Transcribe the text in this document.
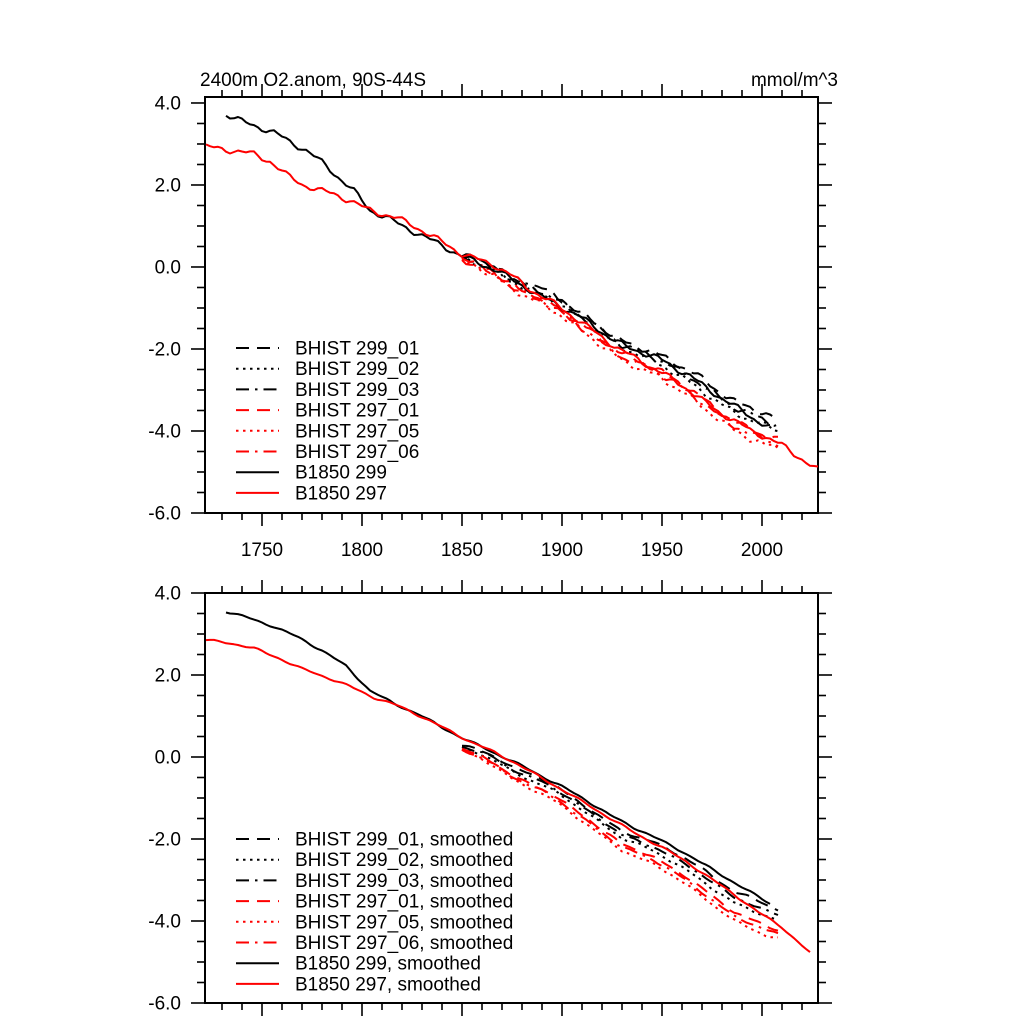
2400m O2.anom, 90S-44S	mmol/m^3
1750	1800	1850	1900	1950	2000
4.0
2.0
0.0
-2.0
-4.0
-6.0
BHIST 299_01
BHIST 299_02
BHIST 299_03
BHIST 297_01
BHIST 297_05
BHIST 297_06
B1850 299
B1850 297
4.0
2.0
0.0
-2.0
-4.0
-6.0
BHIST 299_01, smoothed
BHIST 299_02, smoothed
BHIST 299_03, smoothed
BHIST 297_01, smoothed
BHIST 297_05, smoothed
BHIST 297_06, smoothed
B1850 299, smoothed
B1850 297, smoothed
